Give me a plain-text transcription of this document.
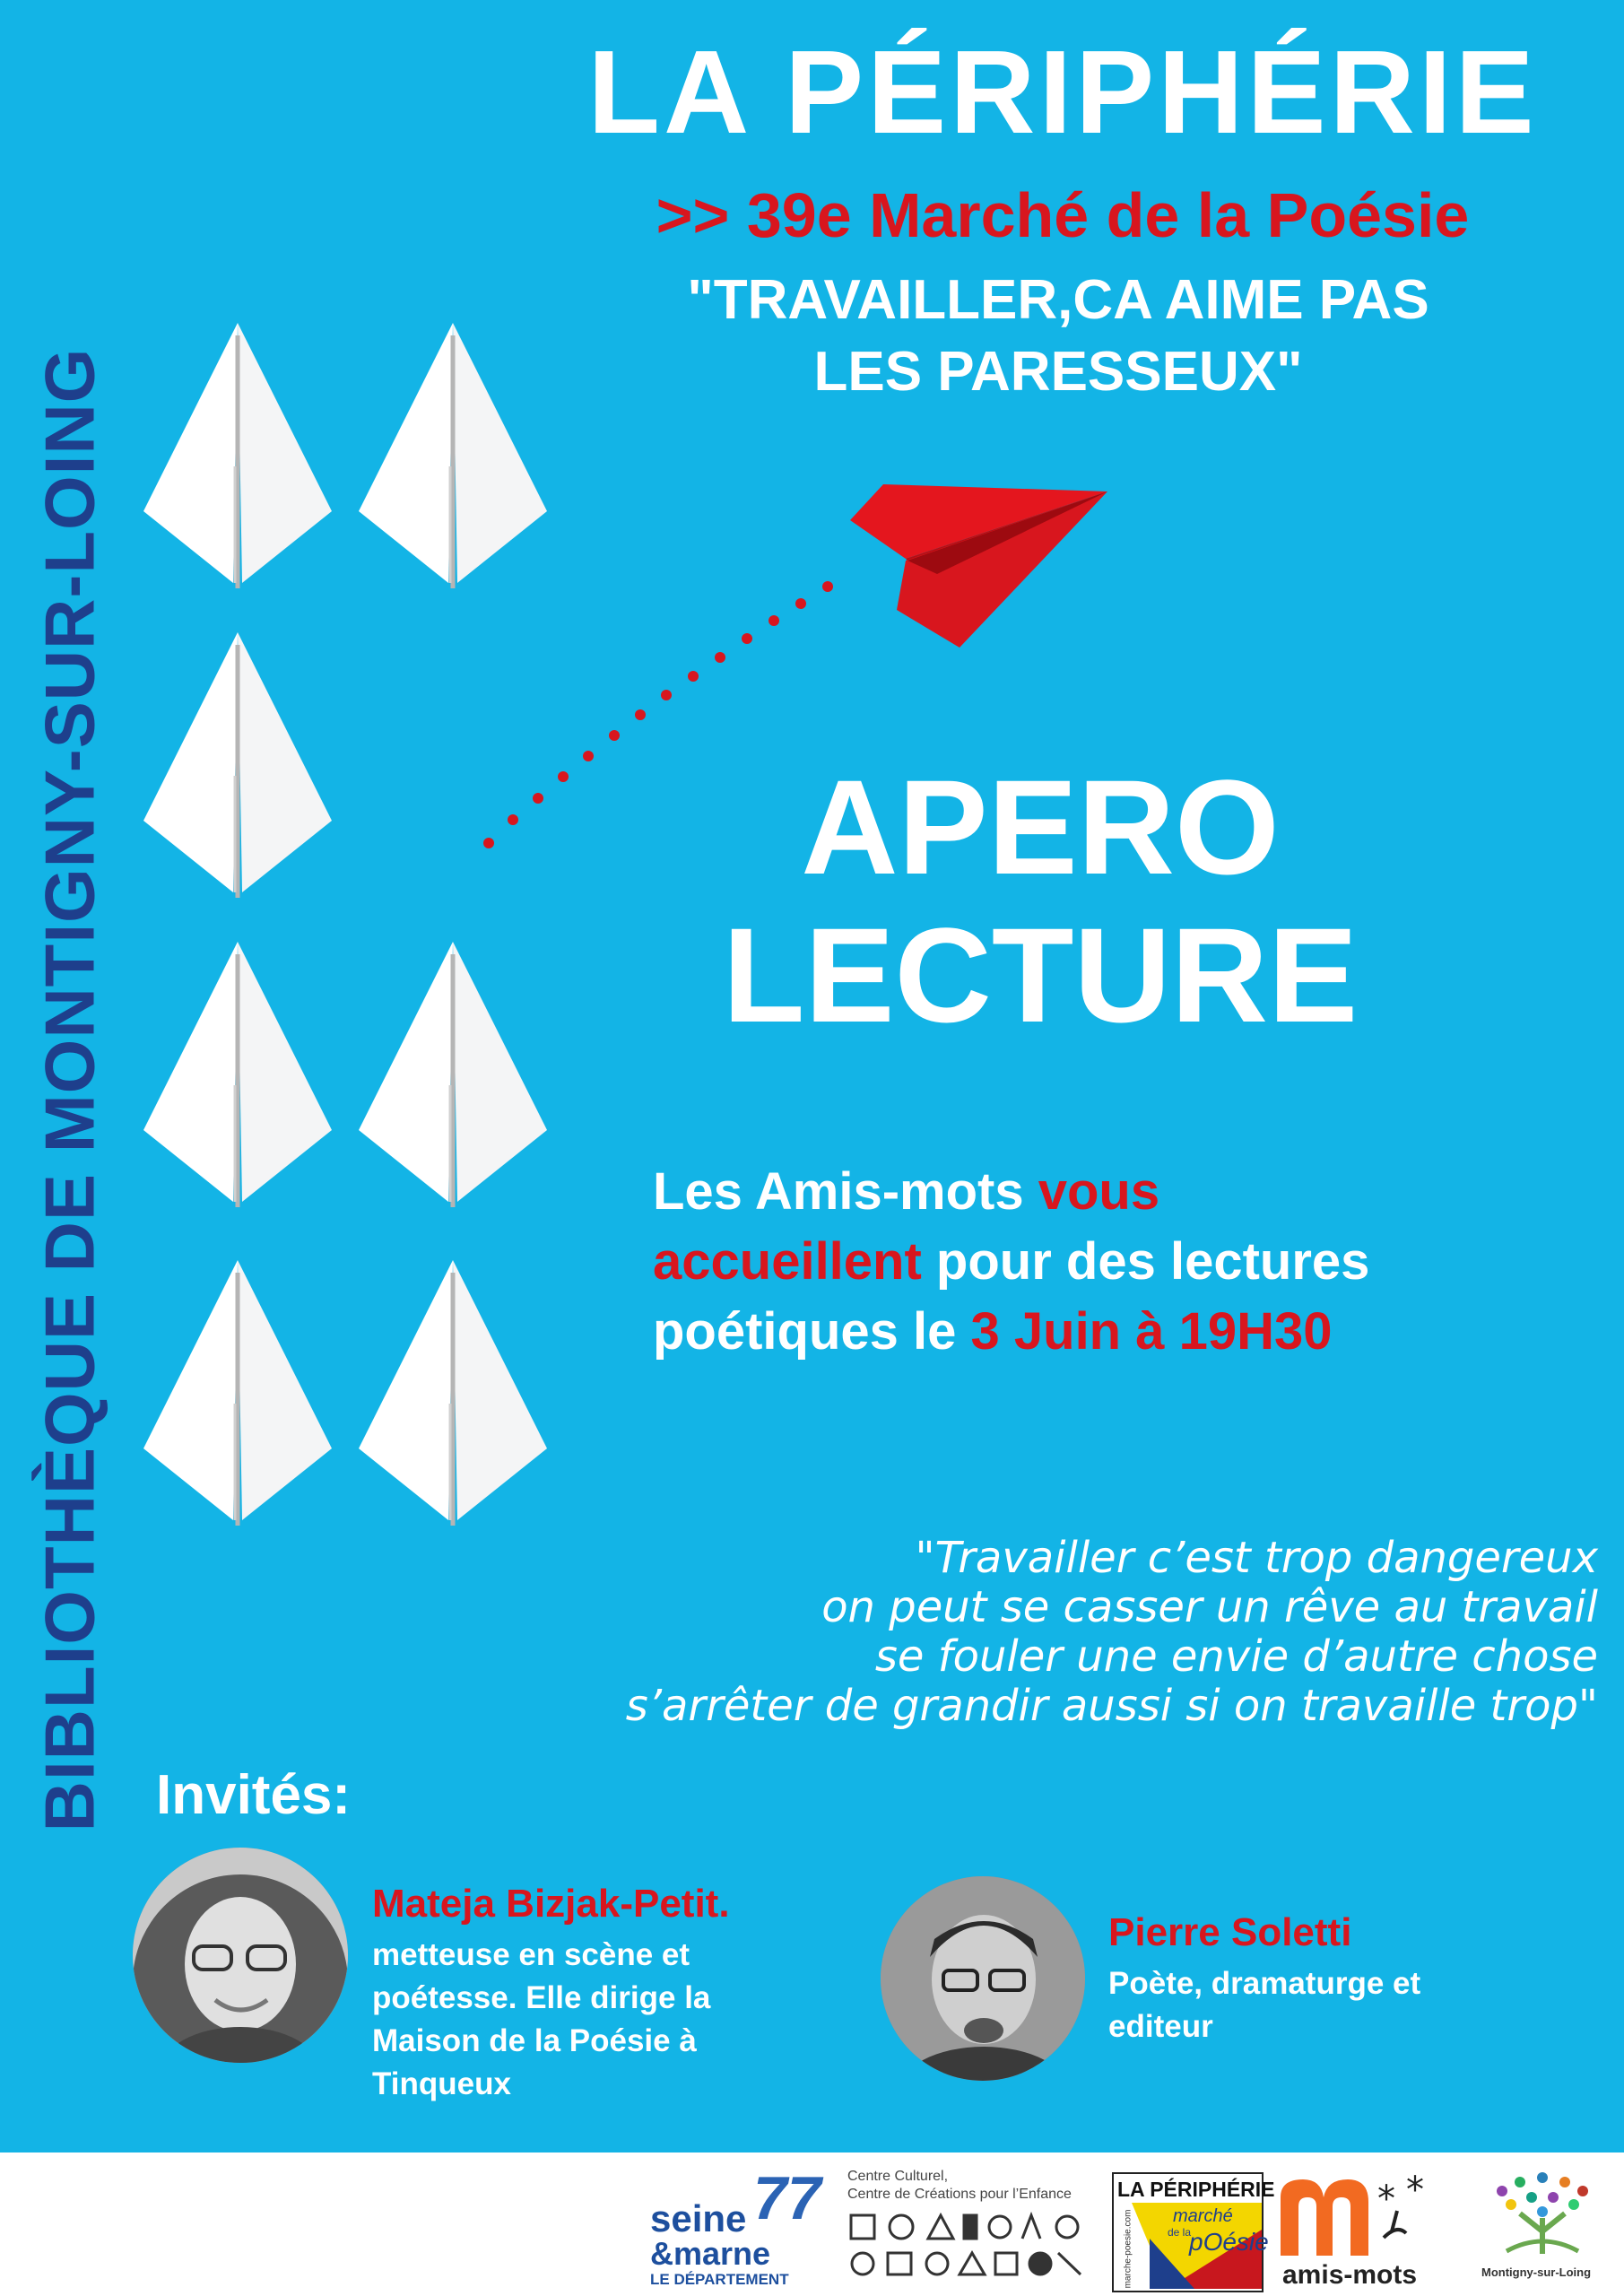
BIBLIOTHÈQUE DE MONTIGNY-SUR-LOING
LA PÉRIPHÉRIE
>> 39e Marché de la Poésie
"TRAVAILLER,CA AIME PAS
LES PARESSEUX"
APERO
LECTURE
Les Amis-mots vous
accueillent pour des lectures
poétiques le 3 Juin à 19H30
"Travailler c’est trop dangereux
on peut se casser un rêve au travail
se fouler une envie d’autre chose
s’arrêter de grandir aussi si on travaille trop"
Invités:
Mateja Bizjak-Petit.
metteuse en scène et
poétesse. Elle dirige la
Maison de la Poésie à
Tinqueux
Pierre Soletti
Poète, dramaturge et
editeur
77
seine
&marne
LE DÉPARTEMENT
Centre Culturel,
Centre de Créations pour l’Enfance LA PÉRIPHÉRIE
marché
de la
pOésie
marche-poesie.com
* *
amis-mots	Montigny-sur-Loing
